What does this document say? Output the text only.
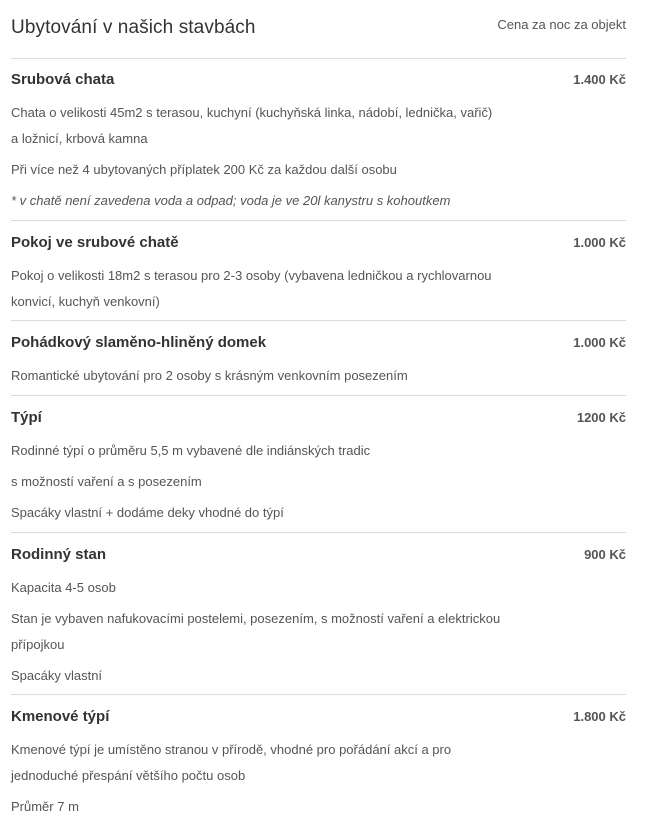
Ubytování v našich stavbách	Cena za noc za objekt
Srubová chata	1.400 Kč

Chata o velikosti 45m2 s terasou, kuchyní (kuchyňská linka, nádobí, lednička, vařič) a ložnicí, krbová kamna

Při více než 4 ubytovaných příplatek 200 Kč za každou další osobu

* v chatě není zavedena voda a odpad; voda je ve 20l kanystru s kohoutkem

Pokoj ve srubové chatě	1.000 Kč

Pokoj o velikosti 18m2 s terasou pro 2-3 osoby (vybavena ledničkou a rychlovarnou konvicí, kuchyň venkovní)

Pohádkový slaměno-hliněný domek	1.000 Kč

Romantické ubytování pro 2 osoby s krásným venkovním posezením

Týpí	1200 Kč

Rodinné týpí o průměru 5,5 m vybavené dle indiánských tradic

s možností vaření a s posezením

Spacáky vlastní + dodáme deky vhodné do týpí

Rodinný stan	900 Kč

Kapacita 4-5 osob

Stan je vybaven nafukovacími postelemi, posezením, s možností vaření a elektrickou přípojkou

Spacáky vlastní

Kmenové týpí	1.800 Kč

Kmenové týpí je umístěno stranou v přírodě, vhodné pro pořádání akcí a pro jednoduché přespání většího počtu osob

Průměr 7 m
